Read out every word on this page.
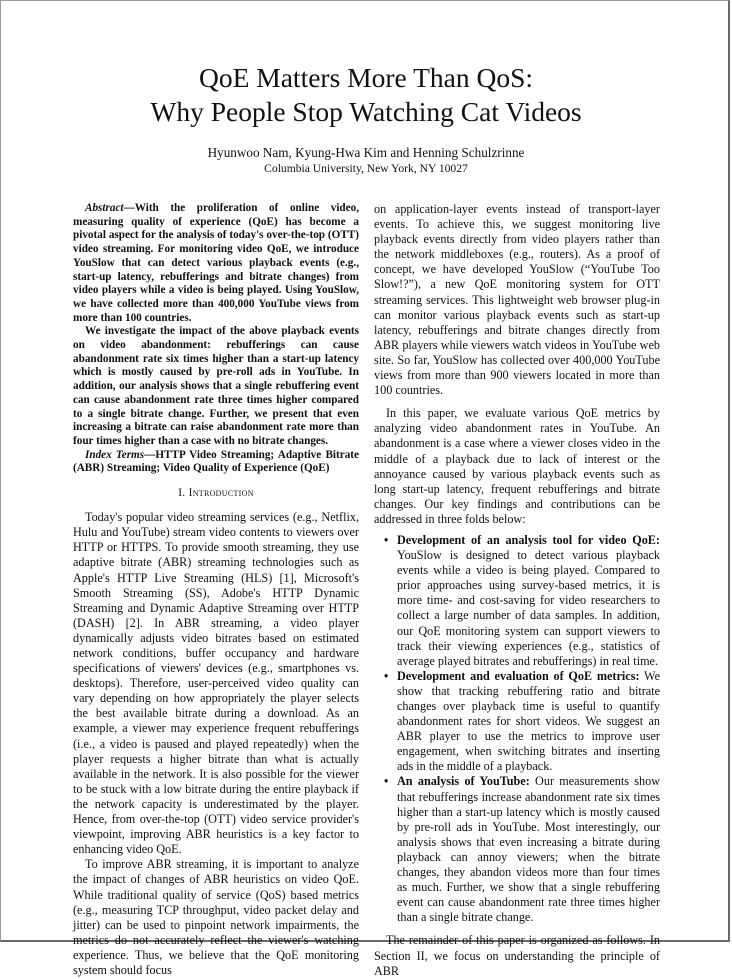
QoE Matters More Than QoS:
Why People Stop Watching Cat Videos
Hyunwoo Nam, Kyung-Hwa Kim and Henning Schulzrinne
Columbia University, New York, NY 10027

Abstract—With the proliferation of online video, measuring quality of experience (QoE) has become a pivotal aspect for the analysis of today's over-the-top (OTT) video streaming. For monitoring video QoE, we introduce YouSlow that can detect various playback events (e.g., start-up latency, rebufferings and bitrate changes) from video players while a video is being played. Using YouSlow, we have collected more than 400,000 YouTube views from more than 100 countries.

We investigate the impact of the above playback events on video abandonment: rebufferings can cause abandonment rate six times higher than a start-up latency which is mostly caused by pre-roll ads in YouTube. In addition, our analysis shows that a single rebuffering event can cause abandonment rate three times higher compared to a single bitrate change. Further, we present that even increasing a bitrate can raise abandonment rate more than four times higher than a case with no bitrate changes.

Index Terms—HTTP Video Streaming; Adaptive Bitrate (ABR) Streaming; Video Quality of Experience (QoE)

I. Introduction

Today's popular video streaming services (e.g., Netflix, Hulu and YouTube) stream video contents to viewers over HTTP or HTTPS. To provide smooth streaming, they use adaptive bitrate (ABR) streaming technologies such as Apple's HTTP Live Streaming (HLS) [1], Microsoft's Smooth Streaming (SS), Adobe's HTTP Dynamic Streaming and Dynamic Adaptive Streaming over HTTP (DASH) [2]. In ABR streaming, a video player dynamically adjusts video bitrates based on estimated network conditions, buffer occupancy and hardware specifications of viewers' devices (e.g., smartphones vs. desktops). Therefore, user-perceived video quality can vary depending on how appropriately the player selects the best available bitrate during a download. As an example, a viewer may experience frequent rebufferings (i.e., a video is paused and played repeatedly) when the player requests a higher bitrate than what is actually available in the network. It is also possible for the viewer to be stuck with a low bitrate during the entire playback if the network capacity is underestimated by the player. Hence, from over-the-top (OTT) video service provider's viewpoint, improving ABR heuristics is a key factor to enhancing video QoE.

To improve ABR streaming, it is important to analyze the impact of changes of ABR heuristics on video QoE. While traditional quality of service (QoS) based metrics (e.g., measuring TCP throughput, video packet delay and jitter) can be used to pinpoint network impairments, the metrics do not accurately reflect the viewer's watching experience. Thus, we believe that the QoE monitoring system should focus

on application-layer events instead of transport-layer events. To achieve this, we suggest monitoring live playback events directly from video players rather than the network middleboxes (e.g., routers). As a proof of concept, we have developed YouSlow (“YouTube Too Slow!?”), a new QoE monitoring system for OTT streaming services. This lightweight web browser plug-in can monitor various playback events such as start-up latency, rebufferings and bitrate changes directly from ABR players while viewers watch videos in YouTube web site. So far, YouSlow has collected over 400,000 YouTube views from more than 900 viewers located in more than 100 countries.

In this paper, we evaluate various QoE metrics by analyzing video abandonment rates in YouTube. An abandonment is a case where a viewer closes video in the middle of a playback due to lack of interest or the annoyance caused by various playback events such as long start-up latency, frequent rebufferings and bitrate changes. Our key findings and contributions can be addressed in three folds below:

• Development of an analysis tool for video QoE: YouSlow is designed to detect various playback events while a video is being played. Compared to prior approaches using survey-based metrics, it is more time- and cost-saving for video researchers to collect a large number of data samples. In addition, our QoE monitoring system can support viewers to track their viewing experiences (e.g., statistics of average played bitrates and rebufferings) in real time.
• Development and evaluation of QoE metrics: We show that tracking rebuffering ratio and bitrate changes over playback time is useful to quantify abandonment rates for short videos. We suggest an ABR player to use the metrics to improve user engagement, when switching bitrates and inserting ads in the middle of a playback.
• An analysis of YouTube: Our measurements show that rebufferings increase abandonment rate six times higher than a start-up latency which is mostly caused by pre-roll ads in YouTube. Most interestingly, our analysis shows that even increasing a bitrate during playback can annoy viewers; when the bitrate changes, they abandon videos more than four times as much. Further, we show that a single rebuffering event can cause abandonment rate three times higher than a single bitrate change.

The remainder of this paper is organized as follows. In Section II, we focus on understanding the principle of ABR
